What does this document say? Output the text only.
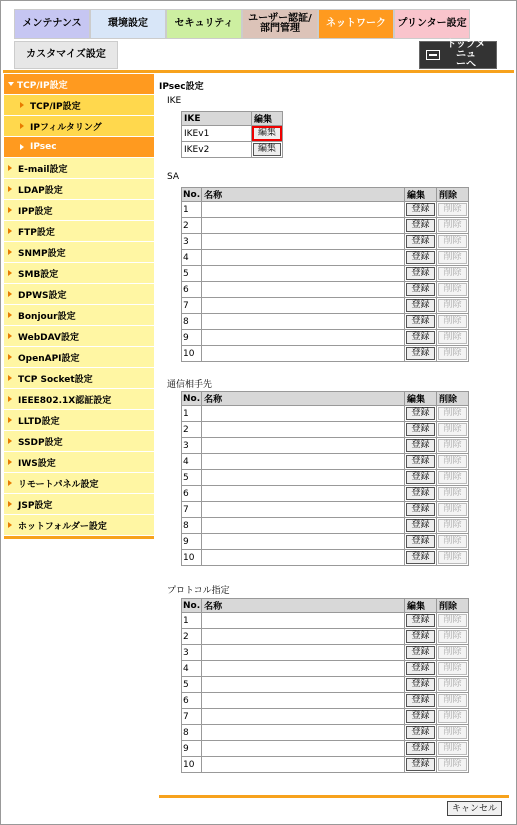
メンテナンス	環境設定	セキュリティ ユーザー認証/
部門管理	ネットワーク プリンター設定
カスタマイズ設定
トップメニュ
ーへ
TCP/IP設定
TCP/IP設定
IPフィルタリング
IPsec
E-mail設定
LDAP設定
IPP設定
FTP設定
SNMP設定
SMB設定
DPWS設定
Bonjour設定
WebDAV設定
OpenAPI設定
TCP Socket設定
IEEE802.1X認証設定
LLTD設定
SSDP設定
IWS設定
リモートパネル設定
JSP設定
ホットフォルダー設定
IPsec設定
IKE
IKE	編集
IKEv1	編集
IKEv2	編集
SA
No.	名称	編集	削除
1		登録	削除
2		登録	削除
3		登録	削除
4		登録	削除
5		登録	削除
6		登録	削除
7		登録	削除
8		登録	削除
9		登録	削除
10		登録	削除
通信相手先
No.	名称	編集	削除
1		登録	削除
2		登録	削除
3		登録	削除
4		登録	削除
5		登録	削除
6		登録	削除
7		登録	削除
8		登録	削除
9		登録	削除
10		登録	削除
プロトコル指定
No.	名称	編集	削除
1		登録	削除
2		登録	削除
3		登録	削除
4		登録	削除
5		登録	削除
6		登録	削除
7		登録	削除
8		登録	削除
9		登録	削除
10		登録	削除
キャンセル
